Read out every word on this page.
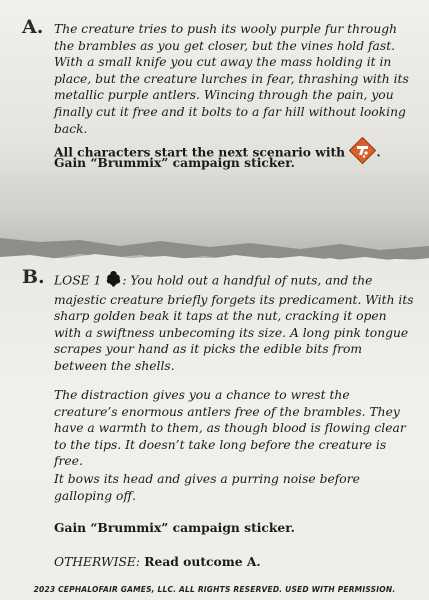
A. The creature tries to push its wooly purple fur through the brambles as you get closer, but the vines hold fast. With a small knife you cut away the mass holding it in place, but the creature lurches in fear, thrashing with its metallic purple antlers. Wincing through the pain, you finally cut it free and it bolts to a far hill without looking back.

All characters start the next scenario with	.

Gain “Brummix” campaign sticker.

B. LOSE 1 : You hold out a handful of nuts, and the majestic creature briefly forgets its predicament. With its sharp golden beak it taps at the nut, cracking it open with a swiftness unbecoming its size. A long pink tongue scrapes your hand as it picks the edible bits from between the shells.

The distraction gives you a chance to wrest the creature’s enormous antlers free of the brambles. They have a warmth to them, as though blood is flowing clear to the tips. It doesn’t take long before the creature is free.

It bows its head and gives a purring noise before galloping off.

Gain “Brummix” campaign sticker.

OTHERWISE: Read outcome A.

2023 CEPHALOFAIR GAMES, LLC. ALL RIGHTS RESERVED. USED WITH PERMISSION.
